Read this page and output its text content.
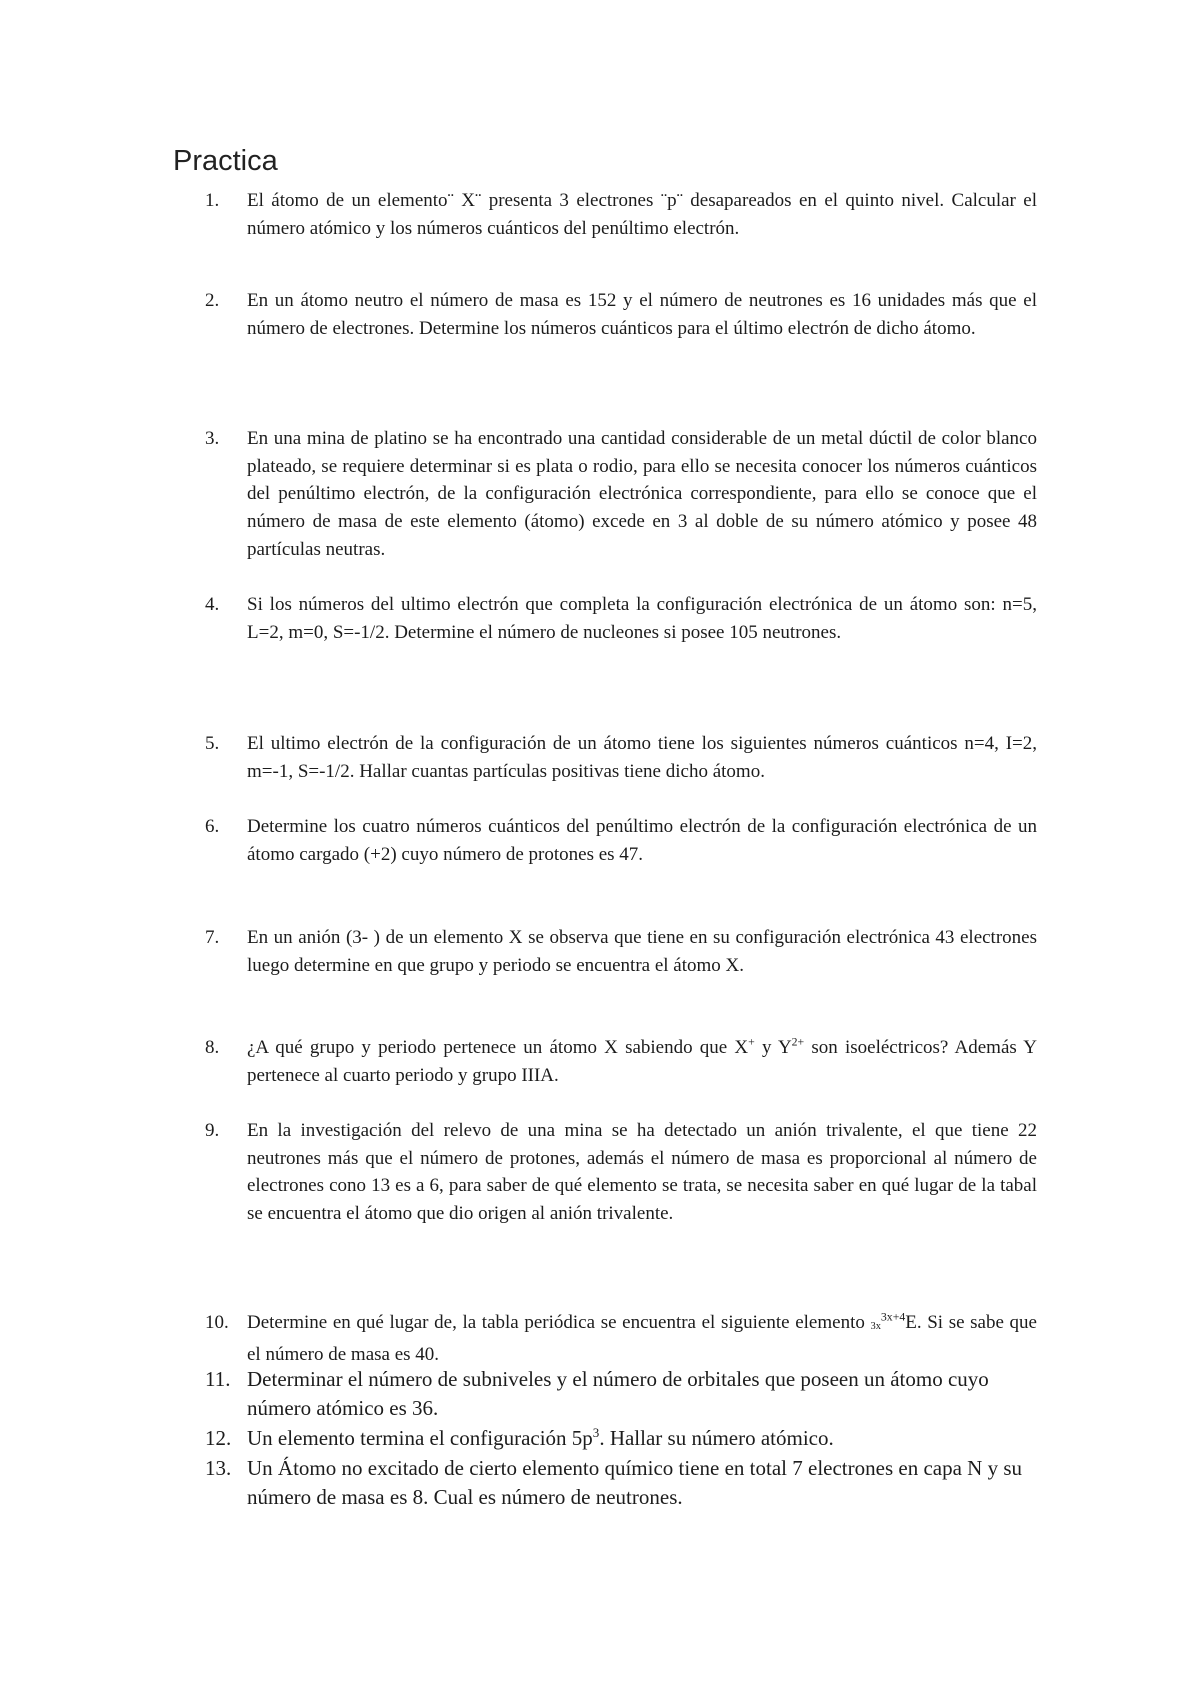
Practica
1.	El átomo de un elemento¨ X¨ presenta 3 electrones ¨p¨ desapareados en el quinto nivel. Calcular el número atómico y los números cuánticos del penúltimo electrón.
2.	En un átomo neutro el número de masa es 152 y el número de neutrones es 16 unidades más que el número de electrones. Determine los números cuánticos para el último electrón de dicho átomo.
3.	En una mina de platino se ha encontrado una cantidad considerable de un metal dúctil de color blanco plateado, se requiere determinar si es plata o rodio, para ello se necesita conocer los números cuánticos del penúltimo electrón, de la configuración electrónica correspondiente, para ello se conoce que el número de masa de este elemento (átomo) excede en 3 al doble de su número atómico y posee 48 partículas neutras.
4.	Si los números del ultimo electrón que completa la configuración electrónica de un átomo son: n=5, L=2, m=0, S=-1/2. Determine el número de nucleones si posee 105 neutrones.
5.	El ultimo electrón de la configuración de un átomo tiene los siguientes números cuánticos n=4, I=2, m=-1, S=-1/2. Hallar cuantas partículas positivas tiene dicho átomo.
6.	Determine los cuatro números cuánticos del penúltimo electrón de la configuración electrónica de un átomo cargado (+2) cuyo número de protones es 47.
7.	En un anión (3- ) de un elemento X se observa que tiene en su configuración electrónica 43 electrones luego determine en que grupo y periodo se encuentra el átomo X.
8.	¿A qué grupo y periodo pertenece un átomo X sabiendo que X+ y $Y^{2+}$ son isoeléctricos? Además Y pertenece al cuarto periodo y grupo IIIA.
9.	En la investigación del relevo de una mina se ha detectado un anión trivalente, el que tiene 22 neutrones más que el número de protones, además el número de masa es proporcional al número de electrones cono 13 es a 6, para saber de qué elemento se trata, se necesita saber en qué lugar de la tabal se encuentra el átomo que dio origen al anión trivalente.
10. Determine en qué lugar de, la tabla periódica se encuentra el siguiente elemento $3x^{3x+4}E$. Si se sabe que el número de masa es 40.
11. Determinar el número de subniveles y el número de orbitales que poseen un átomo cuyo número atómico es 36.
12. Un elemento termina el configuración $5p^3$. Hallar su número atómico.
13. Un Átomo no excitado de cierto elemento químico tiene en total 7 electrones en capa N y su número de masa es 8. Cual es número de neutrones.
